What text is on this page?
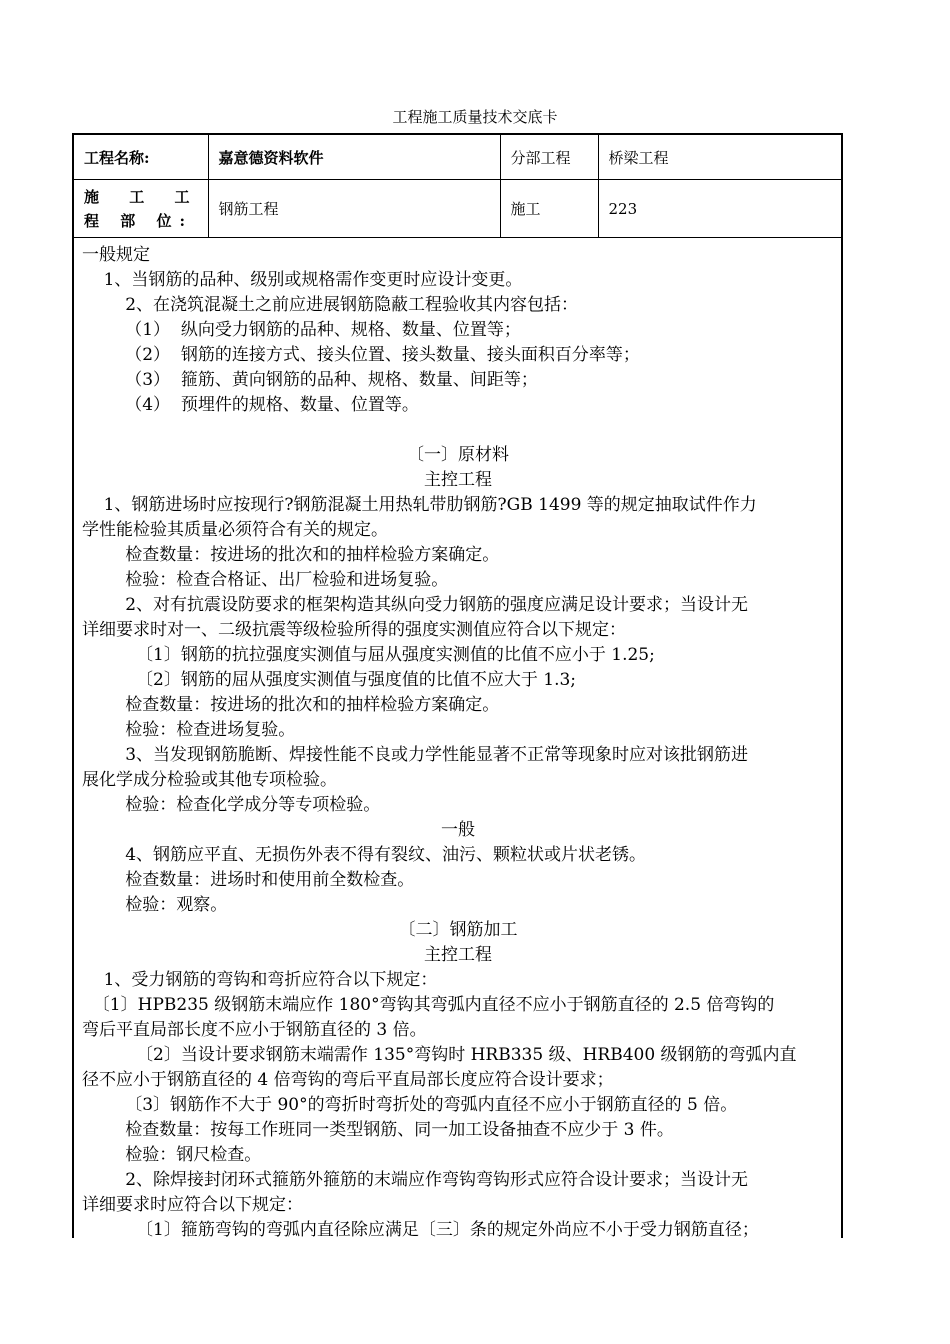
工程施工质量技术交底卡
工程名称:	嘉意德资料软件	分部工程	桥梁工程
施 工 工 程 部 位:	钢筋工程	施工	223
一般规定
1、当钢筋的品种、级别或规格需作变更时应设计变更。
2、在浇筑混凝土之前应进展钢筋隐蔽工程验收其内容包括：
（1）  纵向受力钢筋的品种、规格、数量、位置等；
（2）  钢筋的连接方式、接头位置、接头数量、接头面积百分率等；
（3）  箍筋、黄向钢筋的品种、规格、数量、间距等；
（4）  预埋件的规格、数量、位置等。
〔一〕原材料
主控工程
1、钢筋进场时应按现行?钢筋混凝土用热轧带肋钢筋?GB 1499 等的规定抽取试件作力
学性能检验其质量必须符合有关的规定。
检查数量：按进场的批次和的抽样检验方案确定。
检验：检查合格证、出厂检验和进场复验。
2、对有抗震设防要求的框架构造其纵向受力钢筋的强度应满足设计要求；当设计无
详细要求时对一、二级抗震等级检验所得的强度实测值应符合以下规定：
〔1〕钢筋的抗拉强度实测值与屈从强度实测值的比值不应小于 1.25;
〔2〕钢筋的屈从强度实测值与强度值的比值不应大于 1.3;
检查数量：按进场的批次和的抽样检验方案确定。
检验：检查进场复验。
3、当发现钢筋脆断、焊接性能不良或力学性能显著不正常等现象时应对该批钢筋进
展化学成分检验或其他专项检验。
检验：检查化学成分等专项检验。
一般
4、钢筋应平直、无损伤外表不得有裂纹、油污、颗粒状或片状老锈。
检查数量：进场时和使用前全数检查。
检验：观察。
〔二〕钢筋加工
主控工程
1、受力钢筋的弯钩和弯折应符合以下规定：
〔1〕HPB235 级钢筋末端应作 180°弯钩其弯弧内直径不应小于钢筋直径的 2.5 倍弯钩的
弯后平直局部长度不应小于钢筋直径的 3 倍。
〔2〕当设计要求钢筋末端需作 135°弯钩时 HRB335 级、HRB400 级钢筋的弯弧内直
径不应小于钢筋直径的 4 倍弯钩的弯后平直局部长度应符合设计要求；
〔3〕钢筋作不大于 90°的弯折时弯折处的弯弧内直径不应小于钢筋直径的 5 倍。
检查数量：按每工作班同一类型钢筋、同一加工设备抽查不应少于 3 件。
检验：钢尺检查。
2、除焊接封闭环式箍筋外箍筋的末端应作弯钩弯钩形式应符合设计要求；当设计无
详细要求时应符合以下规定：
〔1〕箍筋弯钩的弯弧内直径除应满足〔三〕条的规定外尚应不小于受力钢筋直径；
